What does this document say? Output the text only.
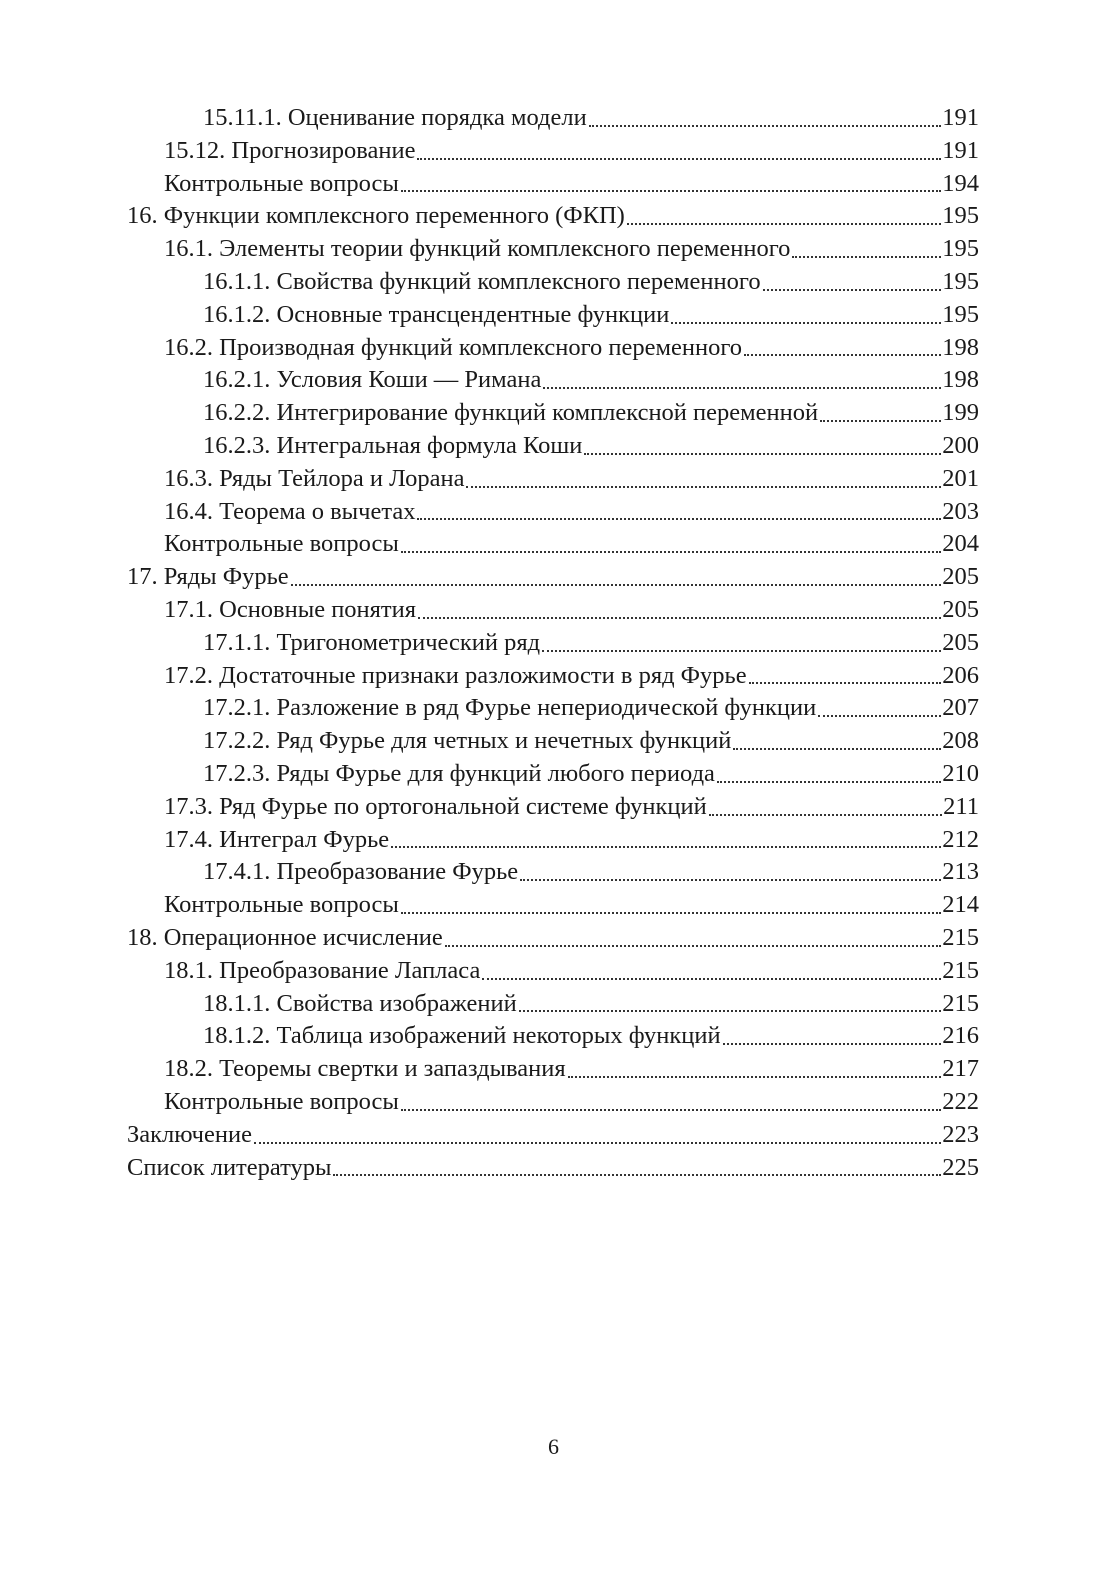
15.11.1. Оценивание порядка модели	191
15.12. Прогнозирование	191
Контрольные вопросы	194
16. Функции комплексного переменного (ФКП)	195
16.1. Элементы теории функций комплексного переменного	195
16.1.1. Свойства функций комплексного переменного	195
16.1.2. Основные трансцендентные функции	195
16.2. Производная функций комплексного переменного	198
16.2.1. Условия Коши — Римана	198
16.2.2. Интегрирование функций комплексной переменной	199
16.2.3. Интегральная формула Коши	200
16.3. Ряды Тейлора и Лорана	201
16.4. Теорема о вычетах	203
Контрольные вопросы	204
17. Ряды Фурье	205
17.1. Основные понятия	205
17.1.1. Тригонометрический ряд	205
17.2. Достаточные признаки разложимости в ряд Фурье	206
17.2.1. Разложение в ряд Фурье непериодической функции	207
17.2.2. Ряд Фурье для четных и нечетных функций	208
17.2.3. Ряды Фурье для функций любого периода	210
17.3. Ряд Фурье по ортогональной системе функций	211
17.4. Интеграл Фурье	212
17.4.1. Преобразование Фурье	213
Контрольные вопросы	214
18. Операционное исчисление	215
18.1. Преобразование Лапласа	215
18.1.1. Свойства изображений	215
18.1.2. Таблица изображений некоторых функций	216
18.2. Теоремы свертки и запаздывания	217
Контрольные вопросы	222
Заключение	223
Список литературы	225
6
